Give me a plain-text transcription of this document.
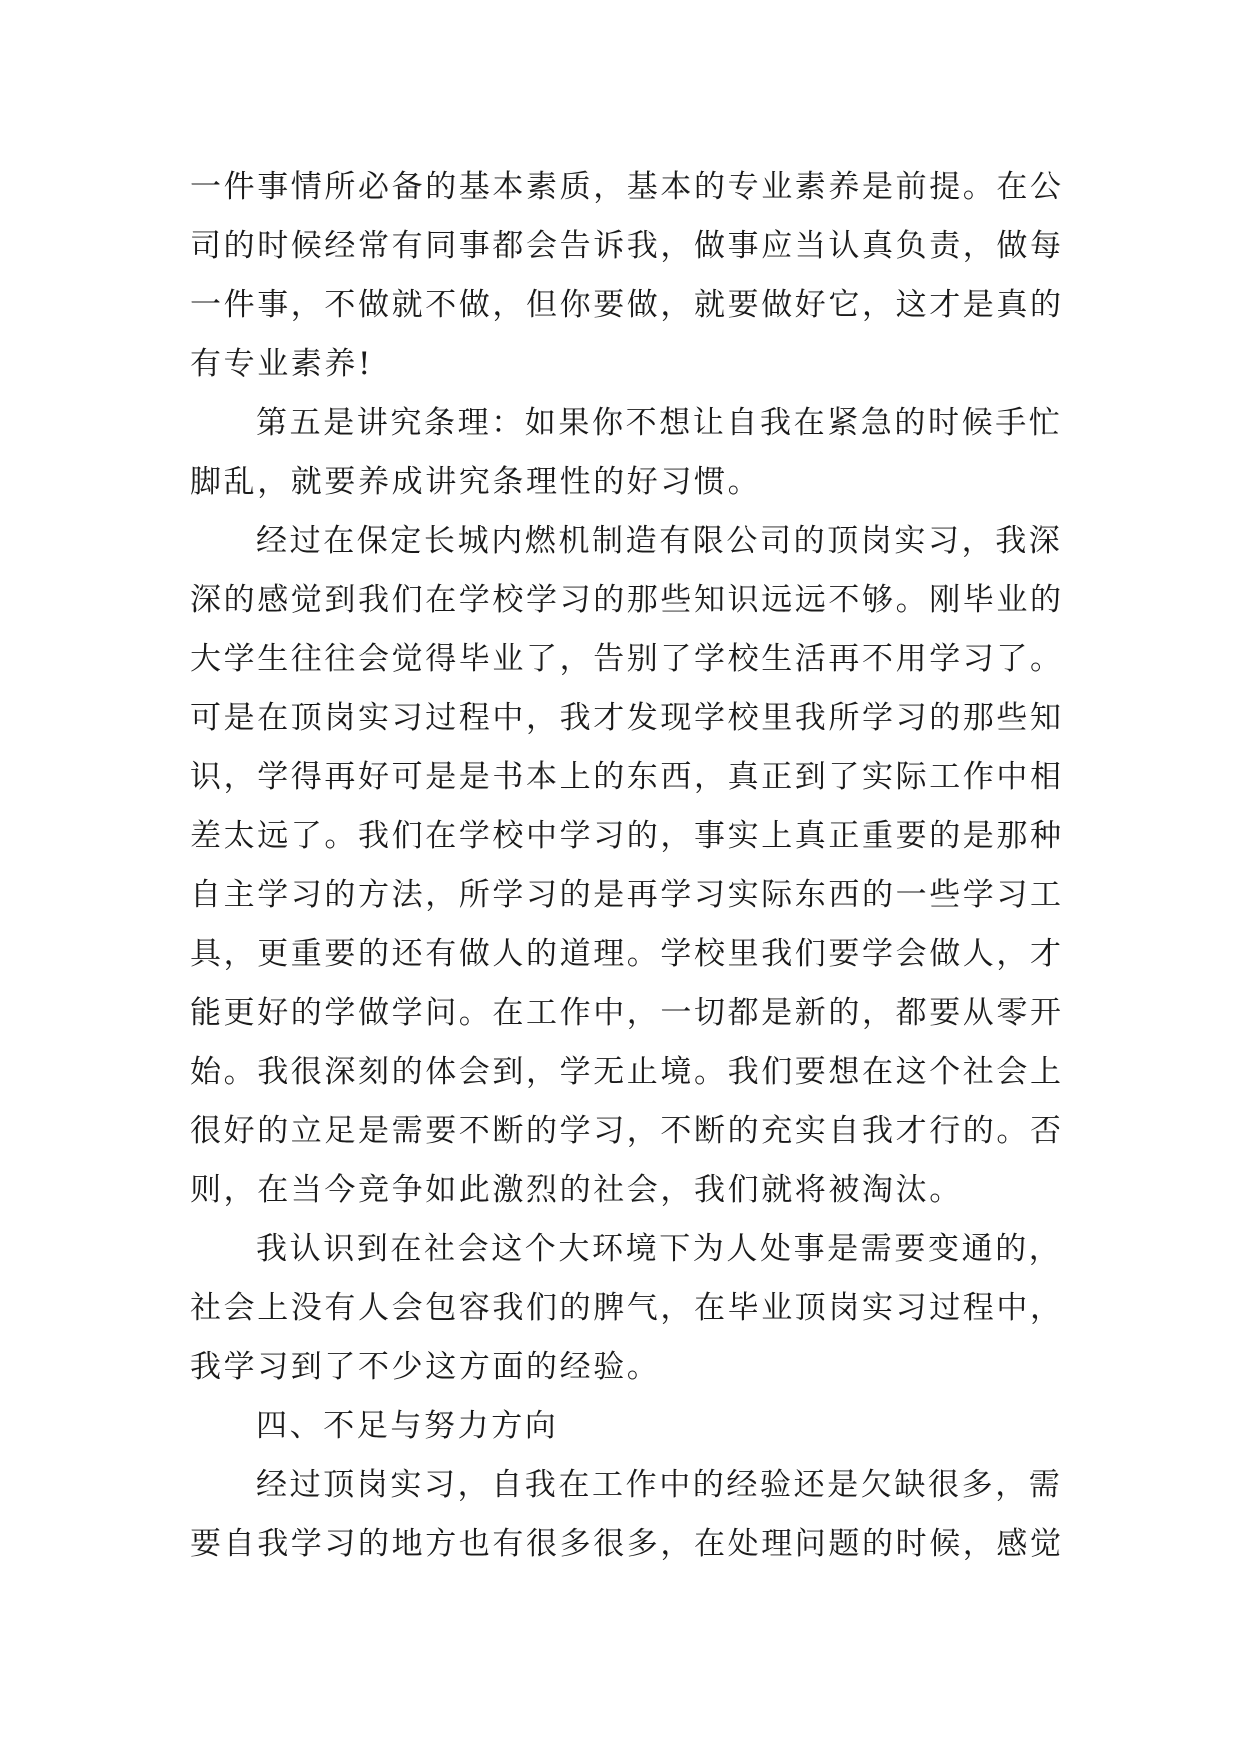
一件事情所必备的基本素质，基本的专业素养是前提。在公
司的时候经常有同事都会告诉我，做事应当认真负责，做每
一件事，不做就不做，但你要做，就要做好它，这才是真的
有专业素养!
第五是讲究条理：如果你不想让自我在紧急的时候手忙
脚乱，就要养成讲究条理性的好习惯。
经过在保定长城内燃机制造有限公司的顶岗实习，我深
深的感觉到我们在学校学习的那些知识远远不够。刚毕业的
大学生往往会觉得毕业了，告别了学校生活再不用学习了。
可是在顶岗实习过程中，我才发现学校里我所学习的那些知
识，学得再好可是是书本上的东西，真正到了实际工作中相
差太远了。我们在学校中学习的，事实上真正重要的是那种
自主学习的方法，所学习的是再学习实际东西的一些学习工
具，更重要的还有做人的道理。学校里我们要学会做人，才
能更好的学做学问。在工作中，一切都是新的，都要从零开
始。我很深刻的体会到，学无止境。我们要想在这个社会上
很好的立足是需要不断的学习，不断的充实自我才行的。否
则，在当今竞争如此激烈的社会，我们就将被淘汰。
我认识到在社会这个大环境下为人处事是需要变通的，
社会上没有人会包容我们的脾气，在毕业顶岗实习过程中，
我学习到了不少这方面的经验。
四、不足与努力方向
经过顶岗实习，自我在工作中的经验还是欠缺很多，需
要自我学习的地方也有很多很多，在处理问题的时候，感觉
